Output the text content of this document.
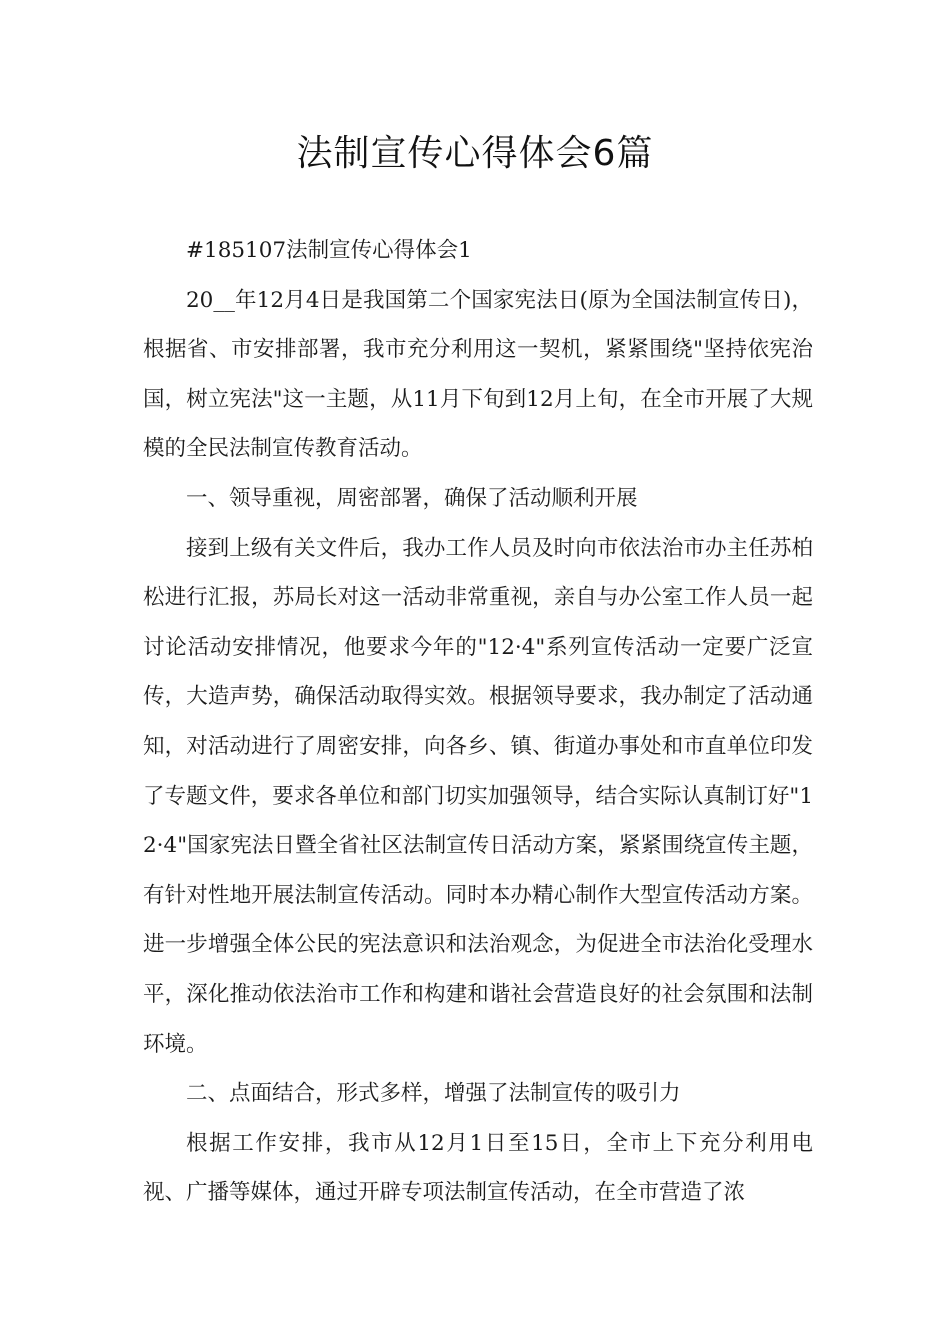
法制宣传心得体会6篇

#185107法制宣传心得体会1

20__年12月4日是我国第二个国家宪法日(原为全国法制宣传日)，根据省、市安排部署，我市充分利用这一契机，紧紧围绕"坚持依宪治国，树立宪法"这一主题，从11月下旬到12月上旬，在全市开展了大规模的全民法制宣传教育活动。

一、领导重视，周密部署，确保了活动顺利开展

接到上级有关文件后，我办工作人员及时向市依法治市办主任苏柏松进行汇报，苏局长对这一活动非常重视，亲自与办公室工作人员一起讨论活动安排情况，他要求今年的"12·4"系列宣传活动一定要广泛宣传，大造声势，确保活动取得实效。根据领导要求，我办制定了活动通知，对活动进行了周密安排，向各乡、镇、街道办事处和市直单位印发了专题文件，要求各单位和部门切实加强领导，结合实际认真制订好"12·4"国家宪法日暨全省社区法制宣传日活动方案，紧紧围绕宣传主题，有针对性地开展法制宣传活动。同时本办精心制作大型宣传活动方案。进一步增强全体公民的宪法意识和法治观念，为促进全市法治化受理水平，深化推动依法治市工作和构建和谐社会营造良好的社会氛围和法制环境。

二、点面结合，形式多样，增强了法制宣传的吸引力

根据工作安排，我市从12月1日至15日，全市上下充分利用电视、广播等媒体，通过开辟专项法制宣传活动，在全市营造了浓
